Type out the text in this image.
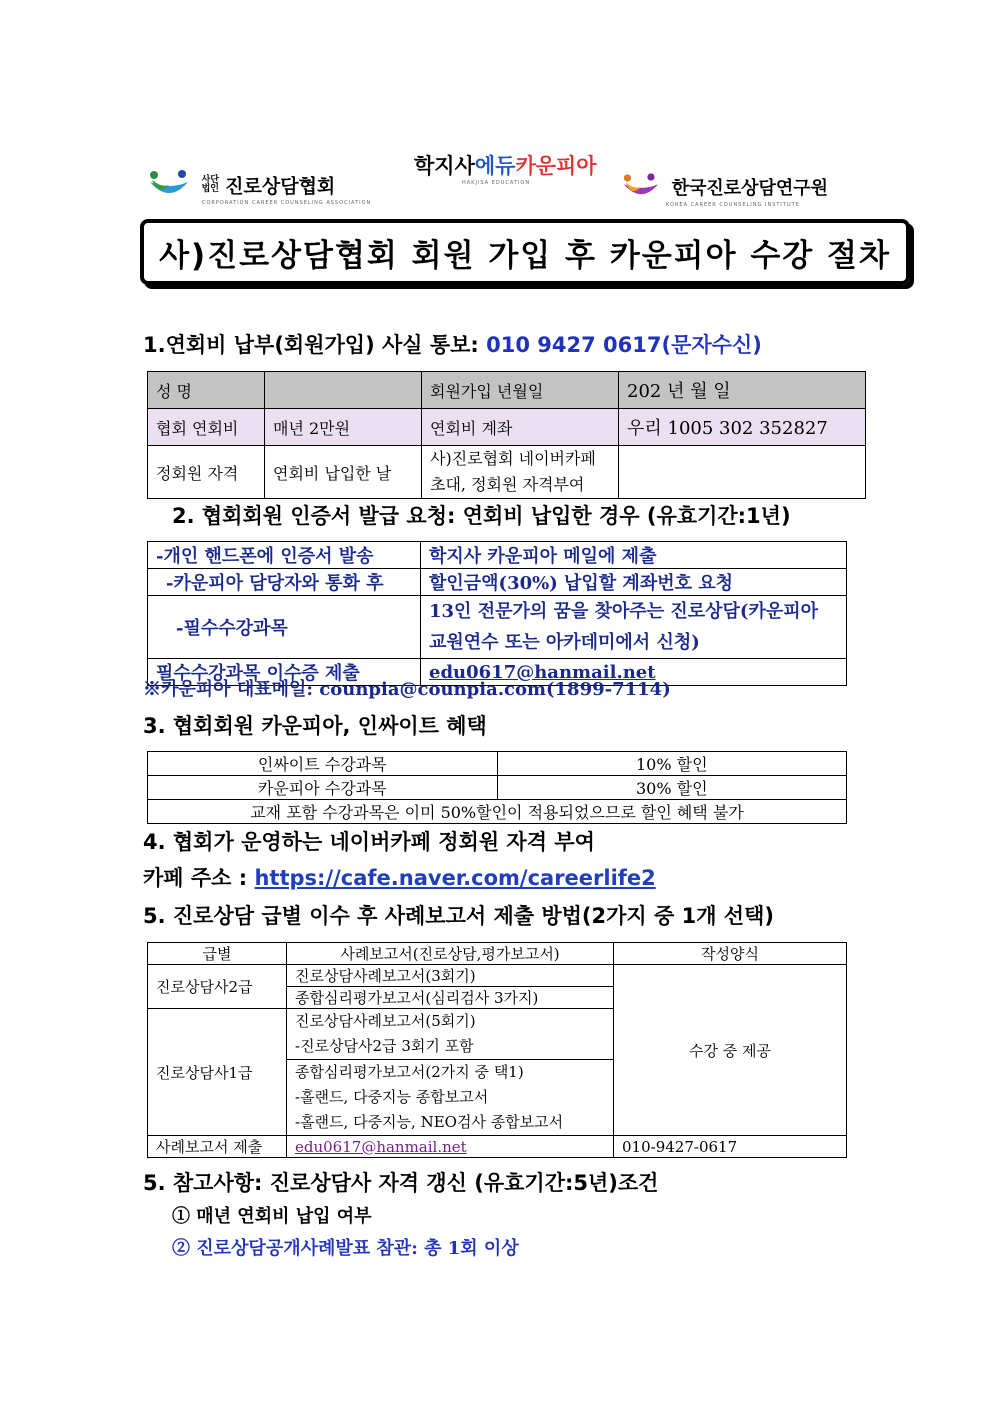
사단법인 진로상담협회
CORPORATION CAREER COUNSELING ASSOCIATION
학지사에듀카운피아
HAKJISA EDUCATION	한국진로상담연구원
KOREA CAREER COUNSELING INSTITUTE
사)진로상담협회 회원 가입 후 카운피아 수강 절차
1.연회비 납부(회원가입) 사실 통보: 010 9427 0617(문자수신)
성 명		회원가입 년월일	202 년 월 일
협회 연회비	매년 2만원	연회비 계좌	우리 1005 302 352827
정회원 자격	연회비 납입한 날	사)진로협회 네이버카페
초대, 정회원 자격부여	
2. 협회회원 인증서 발급 요청: 연회비 납입한 경우 (유효기간:1년)
-개인 핸드폰에 인증서 발송	학지사 카운피아 메일에 제출
-카운피아 담당자와 통화 후	할인금액(30%) 납입할 계좌번호 요청
-필수수강과목	13인 전문가의 꿈을 찾아주는 진로상담(카운피아 교원연수 또는 아카데미에서 신청)
필수수강과목 이수증 제출	edu0617@hanmail.net
※카운피아 대표메일: counpia@counpia.com(1899-7114)
3. 협회회원 카운피아, 인싸이트 혜택
인싸이트 수강과목	10% 할인
카운피아 수강과목	30% 할인
교재 포함 수강과목은 이미 50%할인이 적용되었으므로 할인 혜택 불가	
4. 협회가 운영하는 네이버카페 정회원 자격 부여
카페 주소 : https://cafe.naver.com/careerlife2
5. 진로상담 급별 이수 후 사례보고서 제출 방법(2가지 중 1개 선택)
급별	사례보고서(진로상담,평가보고서)	작성양식
진로상담사2급	진로상담사례보고서(3회기)	수강 중 제공
	종합심리평가보고서(심리검사 3가지)	
진로상담사1급	진로상담사례보고서(5회기)
-진로상담사2급 3회기 포함	

	종합심리평가보고서(2가지 중 택1)
-홀랜드, 다중지능 종합보고서
-홀랜드, 다중지능, NEO검사 종합보고서	

사례보고서 제출	edu0617@hanmail.net	010-9427-0617
5. 참고사항: 진로상담사 자격 갱신 (유효기간:5년)조건
① 매년 연회비 납입 여부
② 진로상담공개사례발표 참관: 총 1회 이상
